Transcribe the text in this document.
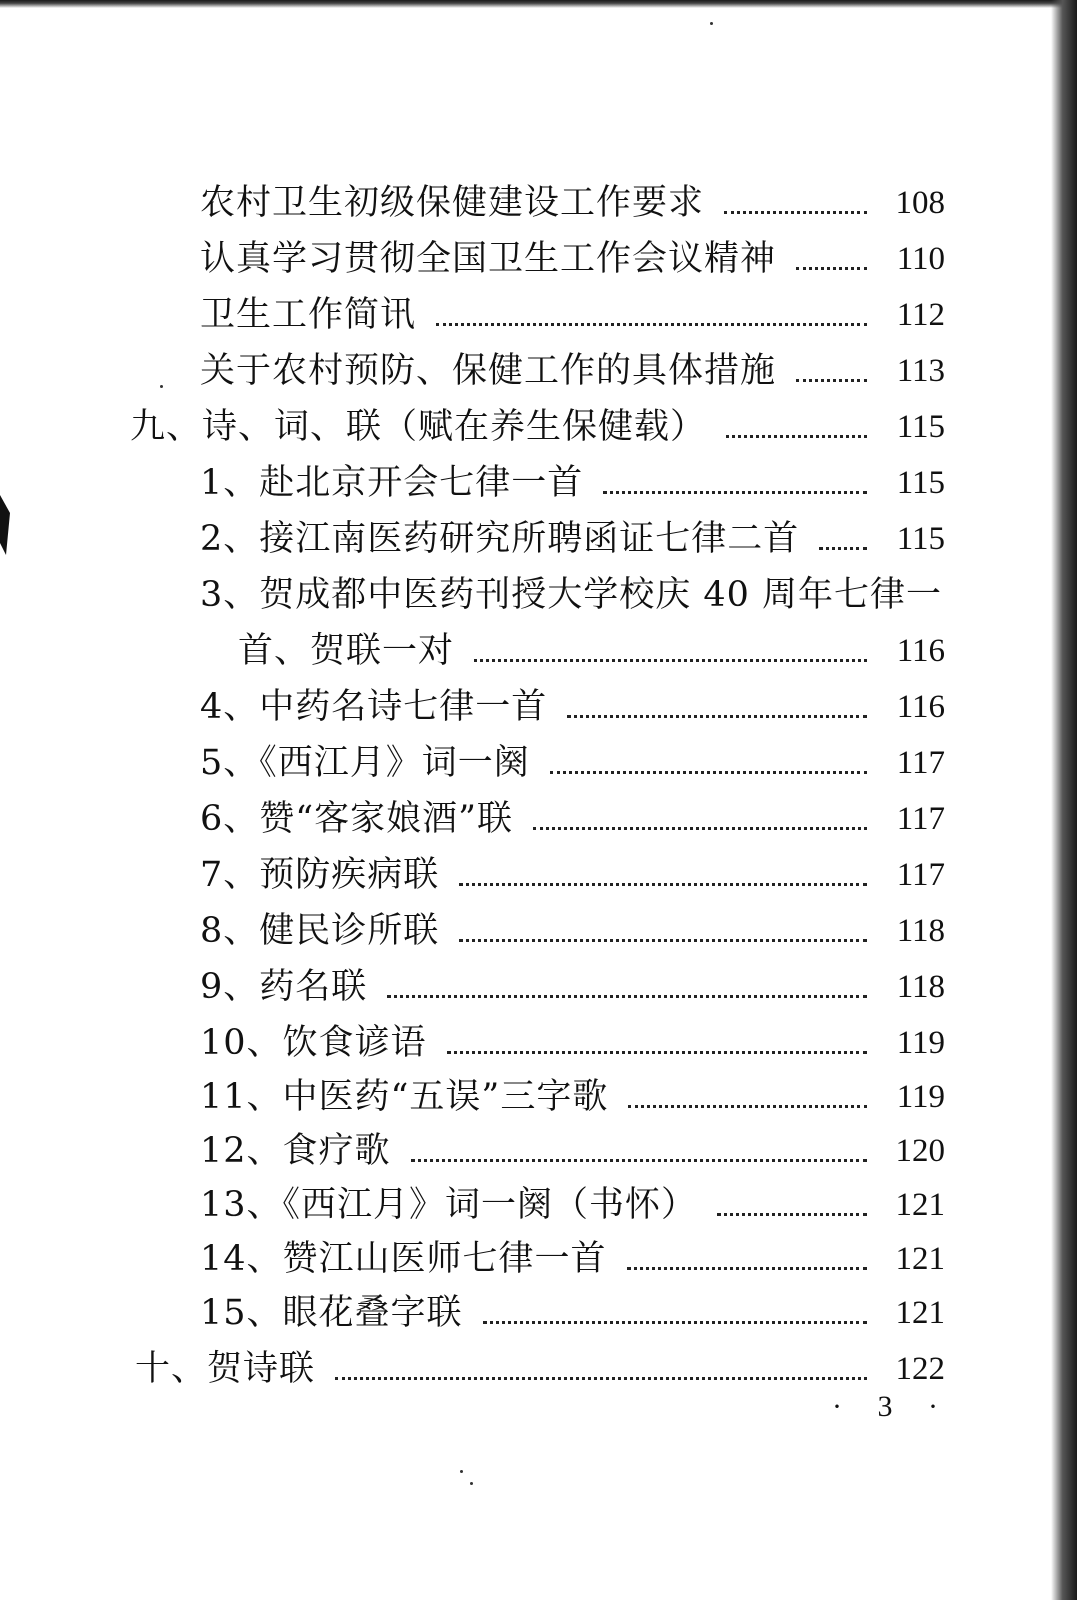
农村卫生初级保健建设工作要求	108
认真学习贯彻全国卫生工作会议精神	110
卫生工作简讯	112
关于农村预防、保健工作的具体措施	113
九、诗、词、联（赋在养生保健载）	115
1、赴北京开会七律一首	115
2、接江南医药研究所聘函证七律二首	115
3、贺成都中医药刊授大学校庆 40 周年七律一
首、贺联一对	116
4、中药名诗七律一首	116
5、《西江月》词一阕	117
6、赞“客家娘酒”联	117
7、预防疾病联	117
8、健民诊所联	118
9、药名联	118
10、饮食谚语	119
11、中医药“五误”三字歌	119
12、食疗歌	120
13、《西江月》词一阕（书怀）	121
14、赞江山医师七律一首	121
15、眼花叠字联	121
十、贺诗联	122
· 3 ·
